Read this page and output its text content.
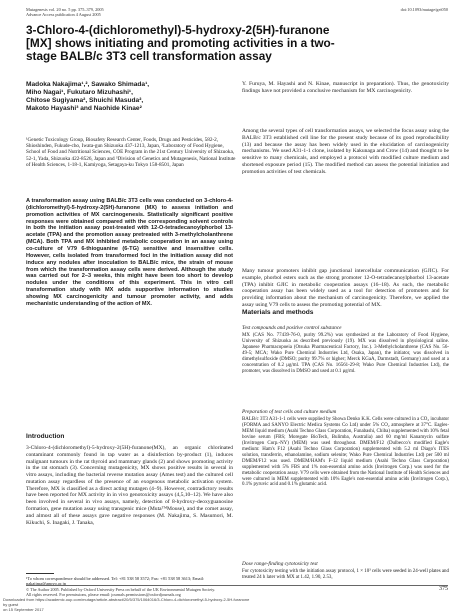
Mutagenesis vol. 20 no. 5 pp. 375–379, 2005
Advance Access publication 4 August 2005
doi:10.1093/mutage/gei050
3-Chloro-4-(dichloromethyl)-5-hydroxy-2(5H)-furanone [MX] shows initiating and promoting activities in a two-stage BALB/c 3T3 cell transformation assay
Madoka Nakajima¹,², Sawako Shimada¹,
Miho Nagai¹, Fukutaro Mizuhashi¹,
Chitose Sugiyama², Shuichi Masuda²,
Makoto Hayashi³ and Naohide Kinae²

¹Genetic Toxicology Group, Biosafety Research Center, Foods, Drugs and Pesticides, 582-2, Shioshinden, Fukude-cho, Iwata-gun Shizuoka 437-1213, Japan, ²Laboratory of Food Hygiene, School of Food and Nutritional Sciences, COE Program in the 21st Century University of Shizuoka, 52-1, Yada, Shizuoka 422-8526, Japan and ³Division of Genetics and Mutagenesis, National Institute of Health Sciences, 1-18-1, Kamiyoga, Setagaya-ku Tokyo 158-8501, Japan

A transformation assay using BALB/c 3T3 cells was conducted on 3-chloro-4-(dichloromethyl)-5-hydroxy-2(5H)-furanone (MX) to assess initiation and promotion activities of MX carcinogenesis. Statistically significant positive responses were obtained compared with the corresponding solvent controls in both the initiation assay post-treated with 12-O-tetradecanoylphorbol 13-acetate (TPA) and the promotion assay pretreated with 3-methylcholanthrene (MCA). Both TPA and MX inhibited metabolic cooperation in an assay using co-culture of V79 6-thioguanine (6-TG) sensitive and insensitive cells. However, cells isolated from transformed foci in the initiation assay did not induce any nodules after inoculation to BALB/c mice, the strain of mouse from which the transformation assay cells were derived. Although the study was carried out for 2–3 weeks, this might have been too short to develop nodules under the conditions of this experiment. This in vitro cell transformation study with MX adds supportive information to studies showing MX carcinogenicity and tumour promoter activity, and adds mechanistic understanding of the action of MX.
Introduction
3-Chloro-4-(dichloromethyl)-5-hydroxy-2(5H)-furanone(MX), an organic chlorinated contaminant commonly found in tap water as a disinfection by-product (1), induces malignant tumours in the rat thyroid and mammary glands (2) and shows promoting activity in the rat stomach (3). Concerning mutagenicity, MX shows positive results in several in vitro assays, including the bacterial reverse mutation assay (Ames test) and the cultured cell mutation assay regardless of the presence of an exogenous metabolic activation system. Therefore, MX is classified as a direct acting mutagen (4–9). However, contradictory results have been reported for MX activity in in vivo genotoxicity assays (4,5,10–12). We have also been involved in several in vivo assays, namely, detection of 8-hydroxy-deoxyguanosine formation, gene mutation assay using transgenic mice (Muta™Mouse), and the comet assay, and almost all of these assays gave negative responses (M. Nakajima, S. Masumori, M. Kikuchi, S. Inagaki, J. Tanaka,
Y. Furuya, M. Hayashi and N. Kinae, manuscript in preparation). Thus, the genotoxicity findings have not provided a conclusive mechanism for MX carcinogenicity.
Among the several types of cell transformation assays, we selected the focus assay using the BALB/c 3T3 established cell line for the present study because of its good reproducibility (13) and because the assay has been widely used in the elucidation of carcinogenicity mechanisms. We used A31-1-1 clone, isolated by Kakunaga and Crow (14) and thought to be sensitive to many chemicals, and employed a protocol with modified culture medium and shortened exposure period (15). The modified method can assess the potential initiation and promotion activities of test chemicals.
Many tumour promoters inhibit gap junctional intercellular communication (GJIC). For example, phorbol esters such as the strong promoter 12-O-tetradecanoylphorbol 13-acetate (TPA) inhibit GJIC in metabolic cooperation assays (16–18). As such, the metabolic cooperation assay has been widely used as a tool for detection of promoters and for providing information about the mechanism of carcinogenicity. Therefore, we applied the assay using V79 cells to assess the promoting potential of MX.
Materials and methods
Test compounds and positive control substance
MX (CAS No. 77439-76-0, purity 99.2%) was synthesized at the Laboratory of Food Hygiene, University of Shizuoka as described previously (19). MX was dissolved in physiological saline. Japanese Pharmacopoeia (Otsuka Pharmaceutical Factory, Inc.). 3-Methylcholanthrene (CAS No. 56-49-5; MCA; Wako Pure Chemical Industries Ltd, Osaka, Japan), the initiator, was dissolved in dimethylsulfoxide (DMSO; purity 99.7% or higher; Merck KGaA, Darmstadt, Germany) and used at a concentration of 0.2 μg/ml. TPA (CAS No. 16561-29-8; Wako Pure Chemical Industries Ltd), the promoter, was dissolved in DMSO and used at 0.1 μg/ml.
Preparation of test cells and culture medium
BALB/c 3T3 A31-1-1 cells were supplied by Showa Denko K.K. Cells were cultured in a CO₂ incubator (FORMA and SANYO Electric Medica Systems Co Ltd) under 5% CO₂ atmosphere at 37°C. Eagles-MEM liquid medium (Asahi Techno Glass Corporation, Funabashi, Chiba) supplemented with 10% fetal bovine serum (FBS; Moregate BioTech, Bulimba, Australia) and 60 mg/ml Kanamycin sulfate (Invitrogen Corp.-NY) (MEM) was used throughout. DMEM/F12 (Dulbecco's modified Eagle's medium: Ham's F12 (Asahi Techno Glass Corporation) supplemented with 5.2 ml Diago's ITES solution, transferrin, ethanolamine, sodium selenite; Wako Pure Chemical Industries Ltd) per 500 ml DMEM/F12 was used. DMEM/HAM's F-12 liquid medium (Asahi Techno Glass Corporation) supplemented with 5% FBS and 1% non-essential amino acids (Invitrogen Corp.) was used for the metabolic cooperation assay. V79 cells were obtained from the National Institute of Health Sciences and were cultured in MEM supplemented with 10% Eagle's non-essential amino acids (Invitrogen Corp.), 0.1% pyruvic acid and 0.1% glutamic acid.
Dose range-finding cytotoxicity test
For cytotoxicity testing with the initiation assay protocol, 1 × 10³ cells were seeded in 24-well plates and treated 24 h later with MX at 1.42, 1.90, 2.53,
¹To whom correspondence should be addressed. Tel: +81 538 58 3572; Fax: +81 538 58 3613; Email: nakajima@anpyo.or.jp
© The Author 2005. Published by Oxford University Press on behalf of the UK Environmental Mutagen Society.
All rights reserved. For permissions, please email: journals.permissions@oxfordjournals.org
375
Downloaded from https://academic.oup.com/mutage/article-abstract/20/5/375/1064016/3-Chloro-4-dichloromethyl-5-hydroxy-2-5H-furanone
by guest
on 15 September 2017
